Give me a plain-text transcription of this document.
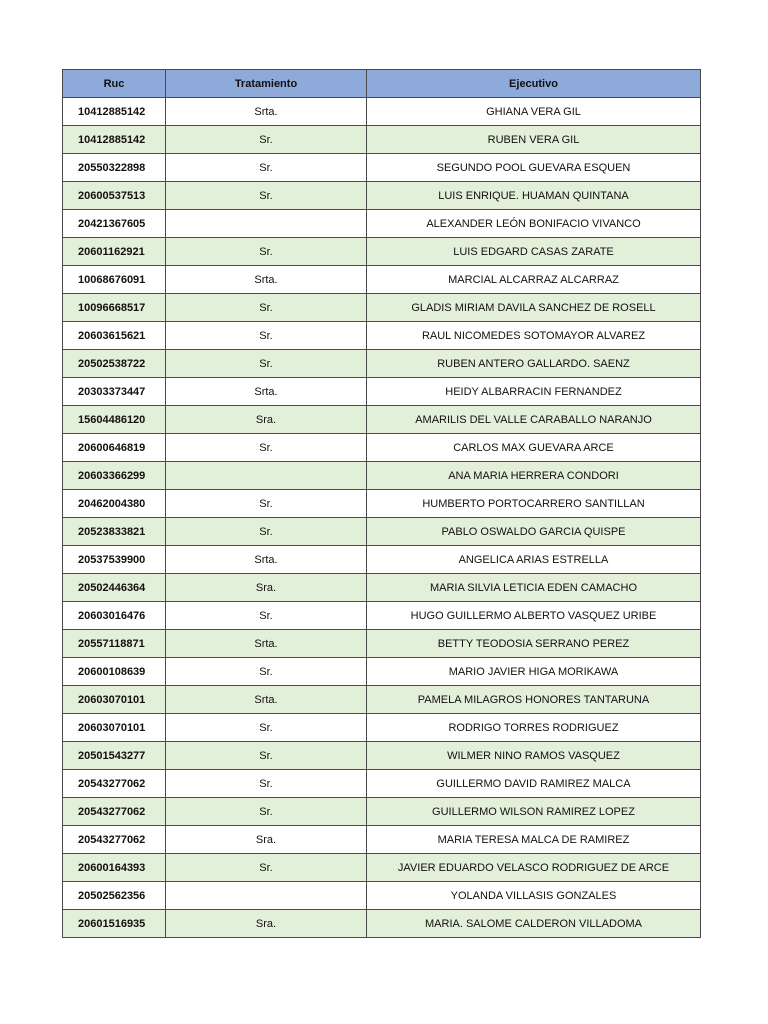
Ruc	Tratamiento	Ejecutivo
10412885142	Srta.	GHIANA VERA GIL
10412885142	Sr.	RUBEN VERA GIL
20550322898	Sr.	SEGUNDO POOL GUEVARA ESQUEN
20600537513	Sr.	LUIS ENRIQUE. HUAMAN QUINTANA
20421367605		ALEXANDER LEÓN BONIFACIO VIVANCO
20601162921	Sr.	LUIS EDGARD CASAS ZARATE
10068676091	Srta.	MARCIAL ALCARRAZ ALCARRAZ
10096668517	Sr.	GLADIS MIRIAM DAVILA SANCHEZ DE ROSELL
20603615621	Sr.	RAUL NICOMEDES SOTOMAYOR ALVAREZ
20502538722	Sr.	RUBEN ANTERO GALLARDO. SAENZ
20303373447	Srta.	HEIDY ALBARRACIN FERNANDEZ
15604486120	Sra.	AMARILIS DEL VALLE CARABALLO NARANJO
20600646819	Sr.	CARLOS MAX GUEVARA ARCE
20603366299		ANA MARIA HERRERA CONDORI
20462004380	Sr.	HUMBERTO PORTOCARRERO SANTILLAN
20523833821	Sr.	PABLO OSWALDO GARCIA QUISPE
20537539900	Srta.	ANGELICA ARIAS ESTRELLA
20502446364	Sra.	MARIA SILVIA LETICIA EDEN CAMACHO
20603016476	Sr.	HUGO GUILLERMO ALBERTO VASQUEZ URIBE
20557118871	Srta.	BETTY TEODOSIA SERRANO PEREZ
20600108639	Sr.	MARIO JAVIER HIGA MORIKAWA
20603070101	Srta.	PAMELA MILAGROS HONORES TANTARUNA
20603070101	Sr.	RODRIGO TORRES RODRIGUEZ
20501543277	Sr.	WILMER NINO RAMOS VASQUEZ
20543277062	Sr.	GUILLERMO DAVID RAMIREZ MALCA
20543277062	Sr.	GUILLERMO WILSON RAMIREZ LOPEZ
20543277062	Sra.	MARIA TERESA MALCA DE RAMIREZ
20600164393	Sr.	JAVIER EDUARDO VELASCO RODRIGUEZ DE ARCE
20502562356		YOLANDA VILLASIS GONZALES
20601516935	Sra.	MARIA. SALOME CALDERON VILLADOMA
